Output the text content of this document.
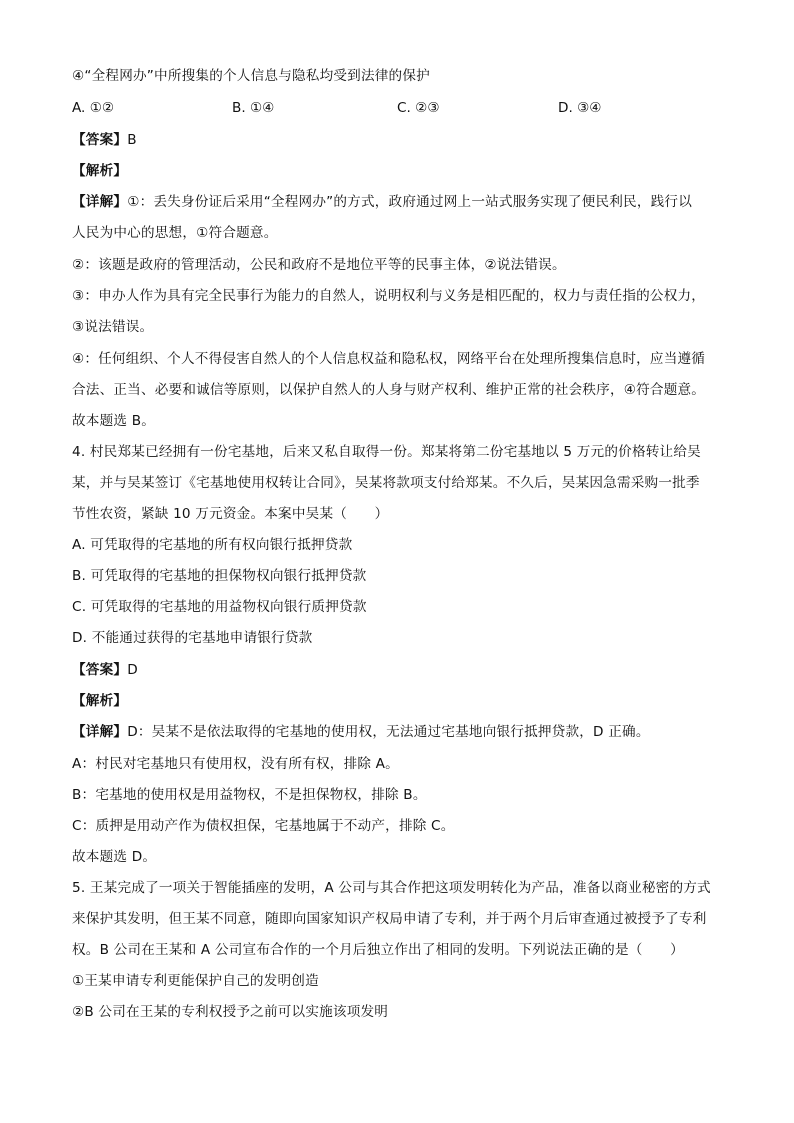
④“全程网办”中所搜集的个人信息与隐私均受到法律的保护
A. ①②	B. ①④	C. ②③	D. ③④
【答案】B
【解析】
【详解】①：丢失身份证后采用“全程网办”的方式，政府通过网上一站式服务实现了便民利民，践行以
人民为中心的思想，①符合题意。
②：该题是政府的管理活动，公民和政府不是地位平等的民事主体，②说法错误。
③：申办人作为具有完全民事行为能力的自然人，说明权利与义务是相匹配的，权力与责任指的公权力，
③说法错误。
④：任何组织、个人不得侵害自然人的个人信息权益和隐私权，网络平台在处理所搜集信息时，应当遵循
合法、正当、必要和诚信等原则，以保护自然人的人身与财产权利、维护正常的社会秩序，④符合题意。
故本题选 B。
4. 村民郑某已经拥有一份宅基地，后来又私自取得一份。郑某将第二份宅基地以 5 万元的价格转让给吴
某，并与吴某签订《宅基地使用权转让合同》，吴某将款项支付给郑某。不久后，吴某因急需采购一批季
节性农资，紧缺 10 万元资金。本案中吴某（　　）
A. 可凭取得的宅基地的所有权向银行抵押贷款
B. 可凭取得的宅基地的担保物权向银行抵押贷款
C. 可凭取得的宅基地的用益物权向银行质押贷款
D. 不能通过获得的宅基地申请银行贷款
【答案】D
【解析】
【详解】D：吴某不是依法取得的宅基地的使用权，无法通过宅基地向银行抵押贷款，D 正确。
A：村民对宅基地只有使用权，没有所有权，排除 A。
B：宅基地的使用权是用益物权，不是担保物权，排除 B。
C：质押是用动产作为债权担保，宅基地属于不动产，排除 C。
故本题选 D。
5. 王某完成了一项关于智能插座的发明，A 公司与其合作把这项发明转化为产品，准备以商业秘密的方式
来保护其发明，但王某不同意，随即向国家知识产权局申请了专利，并于两个月后审查通过被授予了专利
权。B 公司在王某和 A 公司宣布合作的一个月后独立作出了相同的发明。下列说法正确的是（　　）
①王某申请专利更能保护自己的发明创造
②B 公司在王某的专利权授予之前可以实施该项发明
